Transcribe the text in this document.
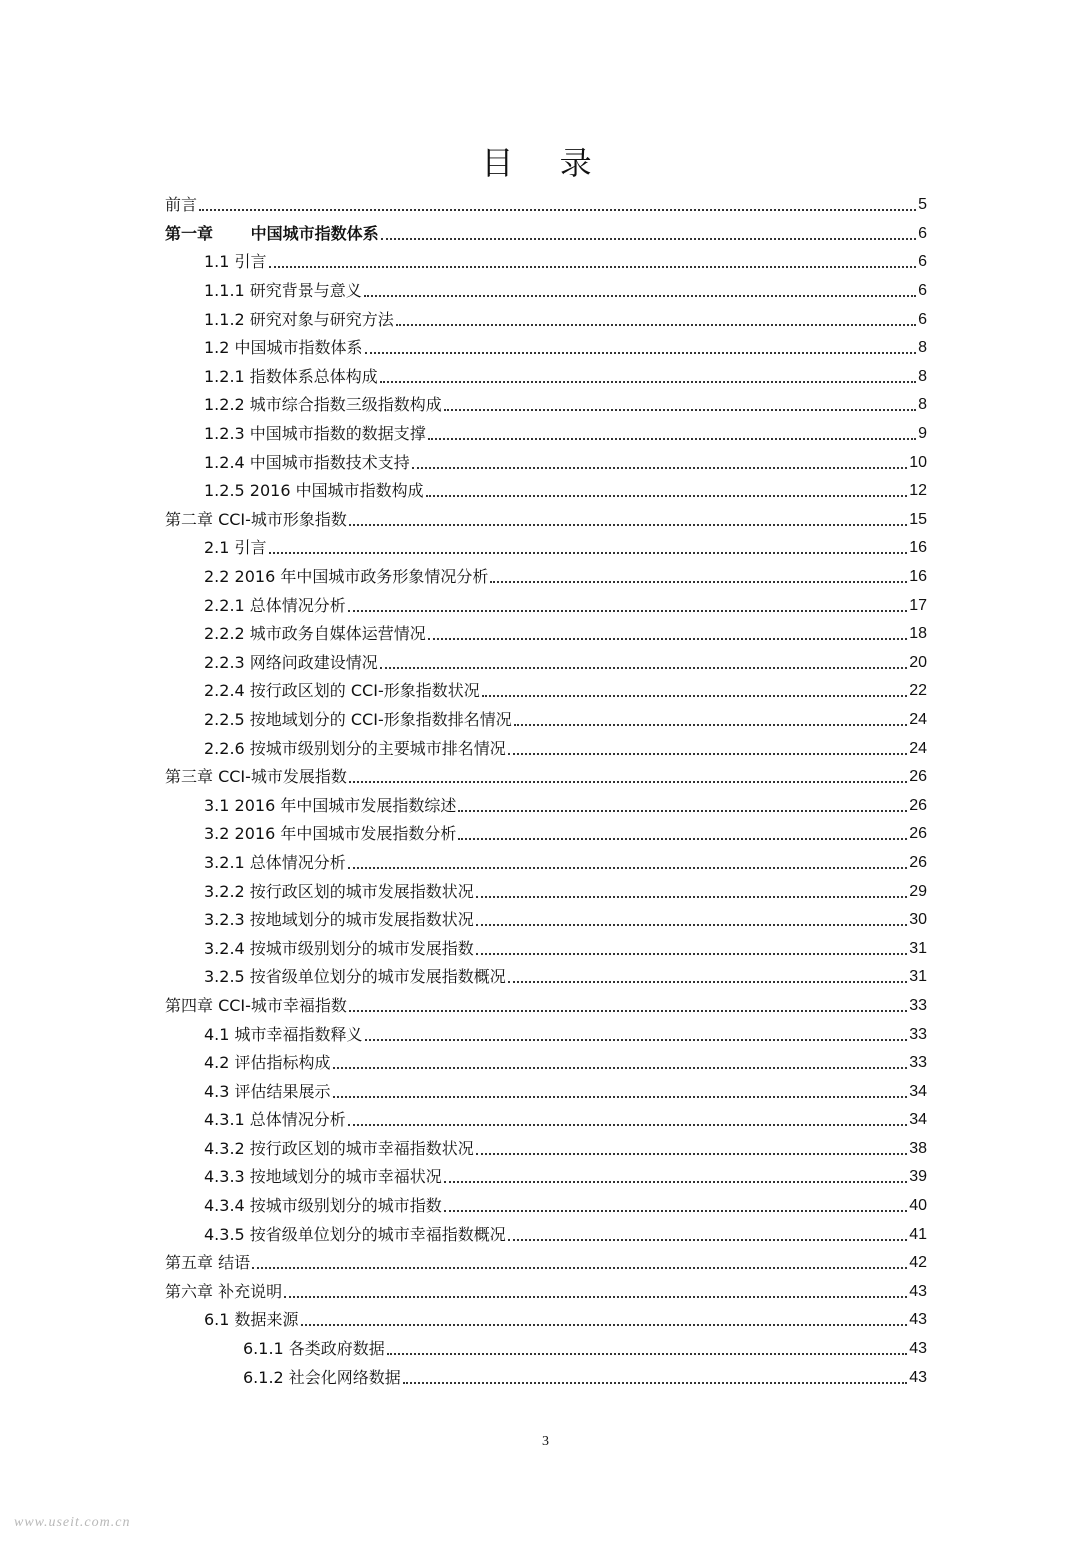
目 录
前言	5
第一章 　　中国城市指数体系	6
1.1 引言	6
1.1.1 研究背景与意义	6
1.1.2 研究对象与研究方法	6
1.2 中国城市指数体系	8
1.2.1 指数体系总体构成	8
1.2.2 城市综合指数三级指数构成	8
1.2.3 中国城市指数的数据支撑	9
1.2.4 中国城市指数技术支持	10
1.2.5 2016 中国城市指数构成	12
第二章 CCI-城市形象指数	15
2.1 引言	16
2.2 2016 年中国城市政务形象情况分析	16
2.2.1 总体情况分析	17
2.2.2 城市政务自媒体运营情况	18
2.2.3 网络问政建设情况	20
2.2.4 按行政区划的 CCI-形象指数状况	22
2.2.5 按地域划分的 CCI-形象指数排名情况	24
2.2.6 按城市级别划分的主要城市排名情况	24
第三章 CCI-城市发展指数	26
3.1 2016 年中国城市发展指数综述	26
3.2 2016 年中国城市发展指数分析	26
3.2.1 总体情况分析	26
3.2.2 按行政区划的城市发展指数状况	29
3.2.3 按地域划分的城市发展指数状况	30
3.2.4 按城市级别划分的城市发展指数	31
3.2.5 按省级单位划分的城市发展指数概况	31
第四章 CCI-城市幸福指数	33
4.1 城市幸福指数释义	33
4.2 评估指标构成	33
4.3 评估结果展示	34
4.3.1 总体情况分析	34
4.3.2 按行政区划的城市幸福指数状况	38
4.3.3 按地域划分的城市幸福状况	39
4.3.4 按城市级别划分的城市指数	40
4.3.5 按省级单位划分的城市幸福指数概况	41
第五章 结语	42
第六章 补充说明	43
6.1 数据来源	43
6.1.1 各类政府数据	43
6.1.2 社会化网络数据	43
3
www.useit.com.cn
